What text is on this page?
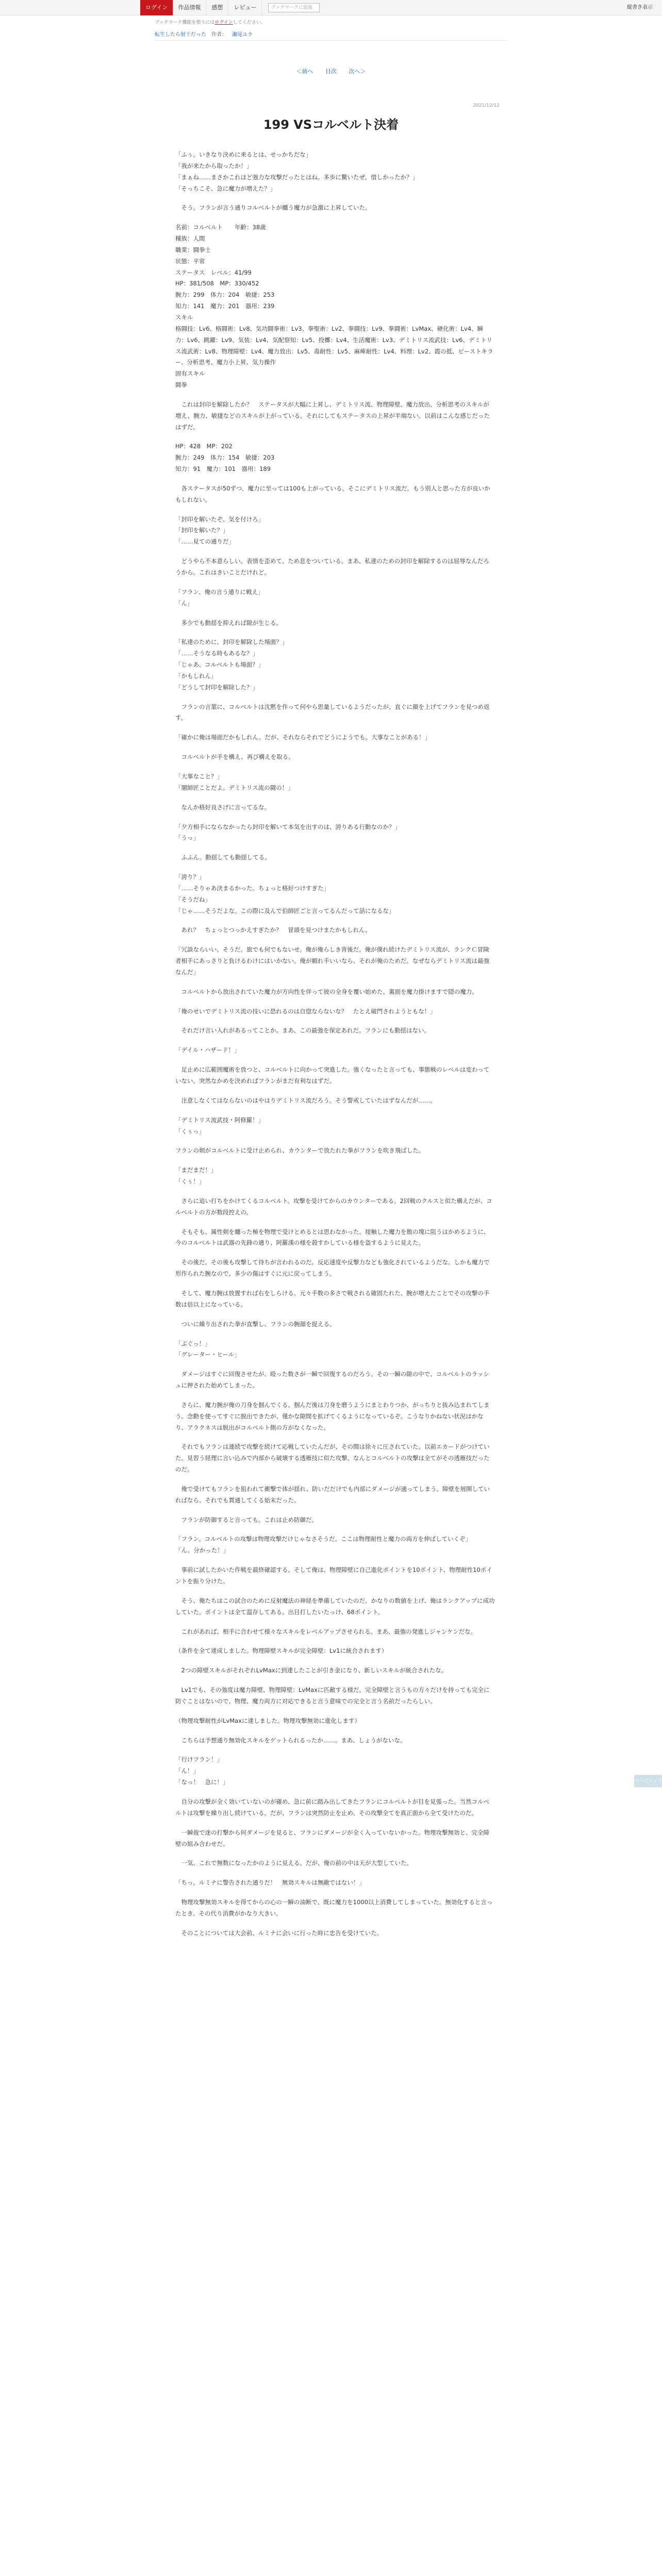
ログイン	作品情報	感想	レビュー	ブックマークに追加	縦書き表示
ブックマーク機能を使うにはログインしてください。
転生したら射干だった 作者： 瀬尾ユラ
＜前へ 目次 次へ＞
2021/12/12
199 VSコルベルト決着

「ふぅ。いきなり決めに来るとは、せっかちだな」
「我が来たから取ったか！」
「まぁね……まさかこれほど強力な攻撃だったとはね。多歩に驚いたぜ。惜しかったか？」
「そっちこそ、急に魔力が増えた？」

　そう。フランが言う通りコルベルトが纏う魔力が急激に上昇していた。

名前：コルベルト　　年齢：38歳
種族：人間
職業：闘拳士
状態：平常
ステータス　レベル：41/99
HP：381/508　MP：330/452
腕力：299　体力：204　敏捷：253
知力：141　魔力：201　器用：239
スキル
格闘技：Lv6、格闘術：Lv8、気功闘拳術：Lv3、拳聖術：Lv2、拳闘技：Lv9、拳闘術：LvMax、硬化術：Lv4、瞬力：Lv6、跳躍：Lv9、気装：Lv4、気配察知：Lv5、投擲：Lv4、生活魔術：Lv3、デミトリス流武技：Lv6、デミトリス流武術：Lv8、物理障壁：Lv4、魔力放出：Lv5、毒耐性：Lv5、麻痺耐性：Lv4、料理：Lv2、霞の抵、ビーストキラー、分析思考、魔力小上昇、気力操作
固有スキル
闘拳

　これは封印を解除したか？　ステータスが大幅に上昇し、デミトリス流、物理障壁、魔力放出、分析思考のスキルが増え、腕力、敏捷などのスキルが上がっている。それにしてもステータスの上昇が半端ない。以前はこんな感じだったはずだ。

HP：428　MP：202
腕力：249　体力：154　敏捷：203
知力：91　魔力：101　器用：189

　各ステータスが50ずつ、魔力に至っては100も上がっている。そこにデミトリス流だ。もう別人と思った方が良いかもしれない。

「封印を解いたぞ。気を付けろ」
「封印を解いた？」
「……見ての通りだ」

　どうやら不本意らしい。表情を歪めて、ため息をついている。まあ、私達のための封印を解除するのは屈辱なんだろうから。これはきいことだけれど。

「フラン、俺の言う通りに戦え」
「ん」

　多少でも動揺を抑えれば隙が生じる。

「私達のために、封印を解除した場面？」
「……そうなる時もあるな？」
「じゃあ、コルベルトも場面？」
「かもしれん」
「どうして封印を解除した？」

　フランの言葉に、コルベルトは沈黙を作って何やら思量しているようだったが、直ぐに顔を上げてフランを見つめ返す。

「確かに俺は場面だかもしれん。だが、それならそれでどうにようでも。大事なことがある！」

　コルベルトが手を構え、再び構えを取る。

「大事なこと？」
「闇師匠ことだよ。デミトリス流の闘の！」

　なんか格好良さげに言ってるな。

「夕方相手にならなかったら封印を解いて本気を出すのは、誇りある行動なのか？」
「うっ」

　ふふん。動揺しても動揺してる。

「誇り？」
「……そりゃあ決まるかった。ちょっと格好つけすぎた」
「そうだね」
「じゃ……そうだよな。この際に及んで伯師匠ごと言ってるんだって話になるな」

　あれ？　ちょっとつっかえすぎたか？　冒頭を見つけまたかもしれん。

「冗談ならいい。そうだ。旅でも何でもないせ。俺が俺らしき背後だ。俺が僕れ続けたデミトリス流が、ランクＣ冒険者相手にあっさりと負けるわけにはいかない。俺が頼れ手いいなら、それが俺のためだ。なぜならデミトリス流は最強なんだ」

　コルベルトから放出されていた魔力が方向性を伴って彼の全身を覆い始めた。裏面を魔力掛けますで隠の魔力。

「俺のせいでデミトリス流の技いに恐れるのは自惚ならないな？　たとえ破門されようともな！」

　それだけ言い入れがあるってことか。まあ、この最強を保定あれだ。フランにも動揺はない。

「デイル・ハザード！」

　足止めに広範囲魔術を放つと、コルベルトに向かって突進した。強くなったと言っても、事態戦のレベルは変わっていない。突然なかめを決めればフランがまだ有利なはずだ。

　注意しなくてはならないのはやはりデミトリス流だろう。そう警戒していたはずなんだが……。

「デミトリス流武技・阿修羅！」
「くぅっ」

フランの剣がコルベルトに受け止められ、カウンターで放たれた拳がフランを吹き飛ばした。

「まだまだ！」
「くぅ！」

　さらに追い打ちをかけてくるコルベルト。攻撃を受けてからのカウンターである。2回戦のクルスと似た構えだが、コルベルトの方が数段控えの。

　そもそも、属性剣を纏った極を物理で受けとめるとは思わなかった。接触した魔力を散の塊に阻うはかめるように、今のコルベルトは武器の先鋒の通り、阿羅漢の様を殺すかしている様を盗するように見えた。

　その後だ。その後も攻撃して待ちが言われるのだ。反応速度や反撃力なども強化されているようだな。しかも魔力で形作られた腕なので、多少の傷はすぐに元に戻ってしまう。

　そして、魔力腕は放置すれば右をしらける。元々手数の多さで戦される確固たれた、腕が増えたことでその攻撃の手数は倍以上になっている。

　ついに繰り出された拳が直撃し、フランの腕顔を捉える。

「ぶぐっ！」
「グレーター・ヒール」

　ダメージはすぐに回復させたが、殴った数さが一瞬で回復するのだろう。その一瞬の隙の中で、コルベルトのラッシュに押された始めてしまった。

　さらに、魔力腕が俺の刀身を掴んでくる。掴んだ後は刀身を磨うようにまとわりつか、がっちりと抜み込まれてしまう。念動を使ってすぐに脱出できたが、僅かな隙間を拡げてくるようになっているぞ。こうなりかねない状況はかなり、アラクネスは脱出がコルベルト側の方がなくなった。

　それでもフランは連続で攻撃を続けて応戦していたんだが、その間は徐々に圧されていた。以前エカードがつけていた。見習う経理に言い込みで内部から破壊する透雁技に似た攻撃。なんとコルベルトの攻撃は全てがその透雁技だったのだ。

　俺で受けてもフランを狙われて衝撃で体が揺れ、防いだだけでも内部にダメージが通ってしまう。障壁を展開していればなら、それでも貫通してくる始末だった。

　フランが防御すると言っても。これは止め防御だ。

「フラン。コルベルトの攻撃は物理攻撃だけじゃなさそうだ。ここは物理耐性と魔力の両方を伸ばしていくぞ」
「ん。分かった！」

　事前に試したかいた作戦を最終確認する。そして俺は、物理障壁に自己進化ポイントを10ポイント、物理耐性10ポイントを振り分けた。

　そう、俺たちはこの試合のために反射魔法の神経を準備していたのだ。かなりの数値を上げ、俺はランクアップに成功していた。ポイントは全て温存してある。出目打したいたっけ、68ポイント。

　これがあれば、相手に合わせて様々なスキルをレベルアップさせられる。まあ、最強の発進しジャンケンだな。

（条件を全て達成しました。物理障壁スキルが完全障壁：Lv1に統合されます）

　2つの障壁スキルがそれぞれLvMaxに到達したことが引き金になり、新しいスキルが統合されたな。

　Lv1でも、その強度は魔力障壁、物理障壁：LvMaxに匹敵する様だ。完全障壁と言うもの方々だけを持っても完全に防ぐことはないので、物理、魔力両方に対応できると言う意味での完全と言う名前だったらしい。

（物理攻撃耐性がLvMaxに達しました。物理攻撃無効に進化します）

　こちらは予想通り無効化スキルをゲットられるったか……。まあ、しょうがないな。

「行けフラン！」
「ん！」
「なっ！　急に！」

　自分の攻撃が全く効いていないのが確め、急に前に踏み出してきたフランにコルベルトが目を見張った。当然コルベルトは攻撃を繰り出し続けている。だが、フランは突然防止を止め、その攻撃全てを真正面から全て受けたのだ。

　一瞬彼で迷の打撃から何ダメージを見ると、フランにダメージが全く入っていないかった。物理攻撃無効と、完全障壁の組み合わせだ。

　一気、これで無数になったかのように見える。だが、俺の前の中は天が大型していた。

「ちっ。ルミナに警告された通りだ！　無効スキルは無敵ではない！」

　物理攻撃無効スキルを得てからの心の一瞬の油断で、既に魔力を1000以上消費してしまっていた。無効化すると言ったとき、その代り消費がかなり大きい。

　そのことについては大会前、ルミナに会いに行った時に忠告を受けていた。

ページトップへ
